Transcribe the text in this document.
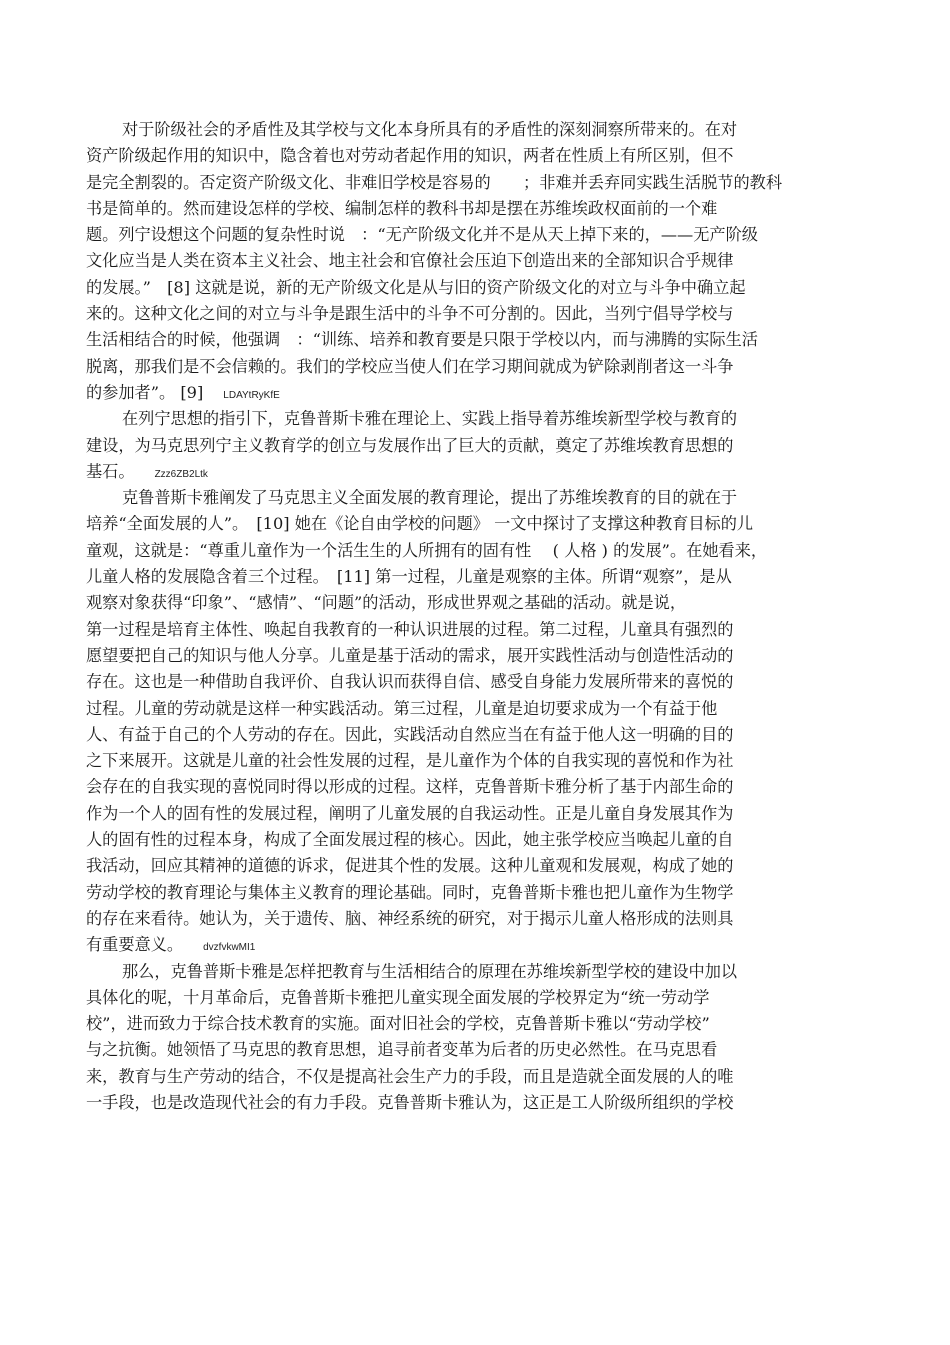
对于阶级社会的矛盾性及其学校与文化本身所具有的矛盾性的深刻洞察所带来的。在对
资产阶级起作用的知识中，隐含着也对劳动者起作用的知识，两者在性质上有所区别，但不
是完全割裂的。否定资产阶级文化、非难旧学校是容易的　　；非难并丢弃同实践生活脱节的教科
书是简单的。然而建设怎样的学校、编制怎样的教科书却是摆在苏维埃政权面前的一个难
题。列宁设想这个问题的复杂性时说　：“无产阶级文化并不是从天上掉下来的，——无产阶级
文化应当是人类在资本主义社会、地主社会和官僚社会压迫下创造出来的全部知识合乎规律
的发展。”　[8] 这就是说，新的无产阶级文化是从与旧的资产阶级文化的对立与斗争中确立起
来的。这种文化之间的对立与斗争是跟生活中的斗争不可分割的。因此，当列宁倡导学校与
生活相结合的时候，他强调　：“训练、培养和教育要是只限于学校以内，而与沸腾的实际生活
脱离，那我们是不会信赖的。我们的学校应当使人们在学习期间就成为铲除剥削者这一斗争
的参加者”。 [9] LDAYtRyKfE
在列宁思想的指引下，克鲁普斯卡雅在理论上、实践上指导着苏维埃新型学校与教育的
建设，为马克思列宁主义教育学的创立与发展作出了巨大的贡献，奠定了苏维埃教育思想的
基石。 Zzz6ZB2Ltk
克鲁普斯卡雅阐发了马克思主义全面发展的教育理论，提出了苏维埃教育的目的就在于
培养“全面发展的人”。　[10] 她在《论自由学校的问题》 一文中探讨了支撑这种教育目标的儿
童观，这就是：“尊重儿童作为一个活生生的人所拥有的固有性　 ( 人格 ) 的发展”。在她看来，
儿童人格的发展隐含着三个过程。　[11] 第一过程，儿童是观察的主体。所谓“观察”，是从
观察对象获得“印象”、“感情”、“问题”的活动，形成世界观之基础的活动。就是说，
第一过程是培育主体性、唤起自我教育的一种认识进展的过程。第二过程，儿童具有强烈的
愿望要把自己的知识与他人分享。儿童是基于活动的需求，展开实践性活动与创造性活动的
存在。这也是一种借助自我评价、自我认识而获得自信、感受自身能力发展所带来的喜悦的
过程。儿童的劳动就是这样一种实践活动。第三过程，儿童是迫切要求成为一个有益于他
人、有益于自己的个人劳动的存在。因此，实践活动自然应当在有益于他人这一明确的目的
之下来展开。这就是儿童的社会性发展的过程，是儿童作为个体的自我实现的喜悦和作为社
会存在的自我实现的喜悦同时得以形成的过程。这样，克鲁普斯卡雅分析了基于内部生命的
作为一个人的固有性的发展过程，阐明了儿童发展的自我运动性。正是儿童自身发展其作为
人的固有性的过程本身，构成了全面发展过程的核心。因此，她主张学校应当唤起儿童的自
我活动，回应其精神的道德的诉求，促进其个性的发展。这种儿童观和发展观，构成了她的
劳动学校的教育理论与集体主义教育的理论基础。同时，克鲁普斯卡雅也把儿童作为生物学
的存在来看待。她认为，关于遗传、脑、神经系统的研究，对于揭示儿童人格形成的法则具
有重要意义。 dvzfvkwMI1
那么，克鲁普斯卡雅是怎样把教育与生活相结合的原理在苏维埃新型学校的建设中加以
具体化的呢，十月革命后，克鲁普斯卡雅把儿童实现全面发展的学校界定为“统一劳动学
校”，进而致力于综合技术教育的实施。面对旧社会的学校，克鲁普斯卡雅以“劳动学校”
与之抗衡。她领悟了马克思的教育思想，追寻前者变革为后者的历史必然性。在马克思看
来，教育与生产劳动的结合，不仅是提高社会生产力的手段，而且是造就全面发展的人的唯
一手段，也是改造现代社会的有力手段。克鲁普斯卡雅认为，这正是工人阶级所组织的学校
